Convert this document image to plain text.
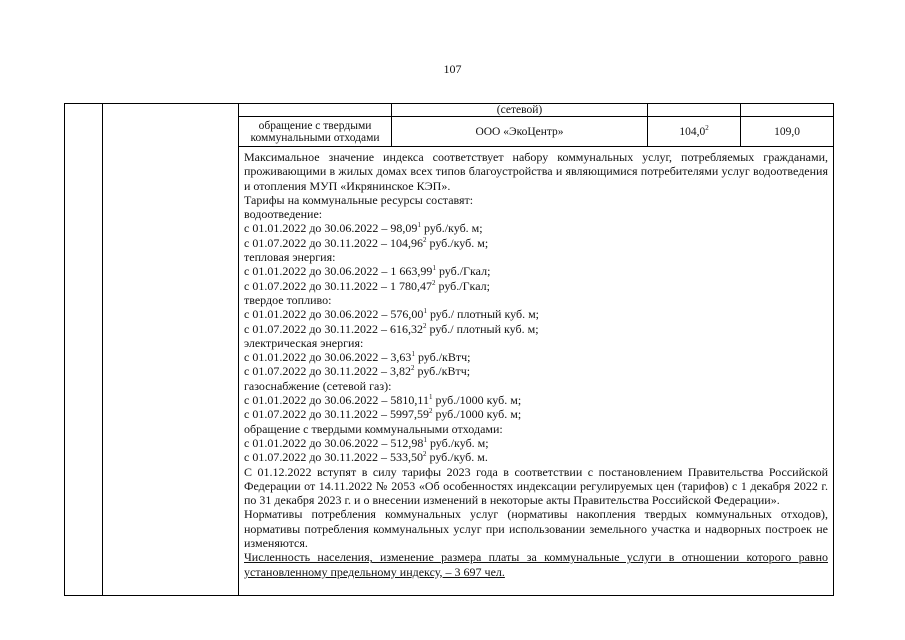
107
(сетевой)
обращение с твердыми
коммунальными отходами	ООО «ЭкоЦентр»	104,0$^2$	109,0

Максимальное значение индекса соответствует набору коммунальных услуг, потребляемых гражданами, проживающими в жилых домах всех типов благоустройства и являющимися потребителями услуг водоотведения и отопления МУП «Икрянинское КЭП».

Тарифы на коммунальные ресурсы составят:
водоотведение:
с 01.01.2022 до 30.06.2022 – 98,09$^1$ руб./куб. м;
с 01.07.2022 до 30.11.2022 – 104,96$^2$ руб./куб. м;
тепловая энергия:
с 01.01.2022 до 30.06.2022 – 1 663,99$^1$ руб./Гкал;
с 01.07.2022 до 30.11.2022 – 1 780,47$^2$ руб./Гкал;
твердое топливо:
с 01.01.2022 до 30.06.2022 – 576,00$^1$ руб./ плотный куб. м;
с 01.07.2022 до 30.11.2022 – 616,32$^2$ руб./ плотный куб. м;
электрическая энергия:
с 01.01.2022 до 30.06.2022 – 3,63$^1$ руб./кВтч;
с 01.07.2022 до 30.11.2022 – 3,82$^2$ руб./кВтч;
газоснабжение (сетевой газ):
с 01.01.2022 до 30.06.2022 – 5810,11$^1$ руб./1000 куб. м;
с 01.07.2022 до 30.11.2022 – 5997,59$^2$ руб./1000 куб. м;
обращение с твердыми коммунальными отходами:
с 01.01.2022 до 30.06.2022 – 512,98$^1$ руб./куб. м;
с 01.07.2022 до 30.11.2022 – 533,50$^2$ руб./куб. м.

С 01.12.2022 вступят в силу тарифы 2023 года в соответствии с постановлением Правительства Российской Федерации от 14.11.2022 № 2053 «Об особенностях индексации регулируемых цен (тарифов) с 1 декабря 2022 г. по 31 декабря 2023 г. и о внесении изменений в некоторые акты Правительства Российской Федерации».

Нормативы потребления коммунальных услуг (нормативы накопления твердых коммунальных отходов), нормативы потребления коммунальных услуг при использовании земельного участка и надворных построек не изменяются.

Численность населения, изменение размера платы за коммунальные услуги в отношении которого равно установленному предельному индексу, – 3 697 чел.
